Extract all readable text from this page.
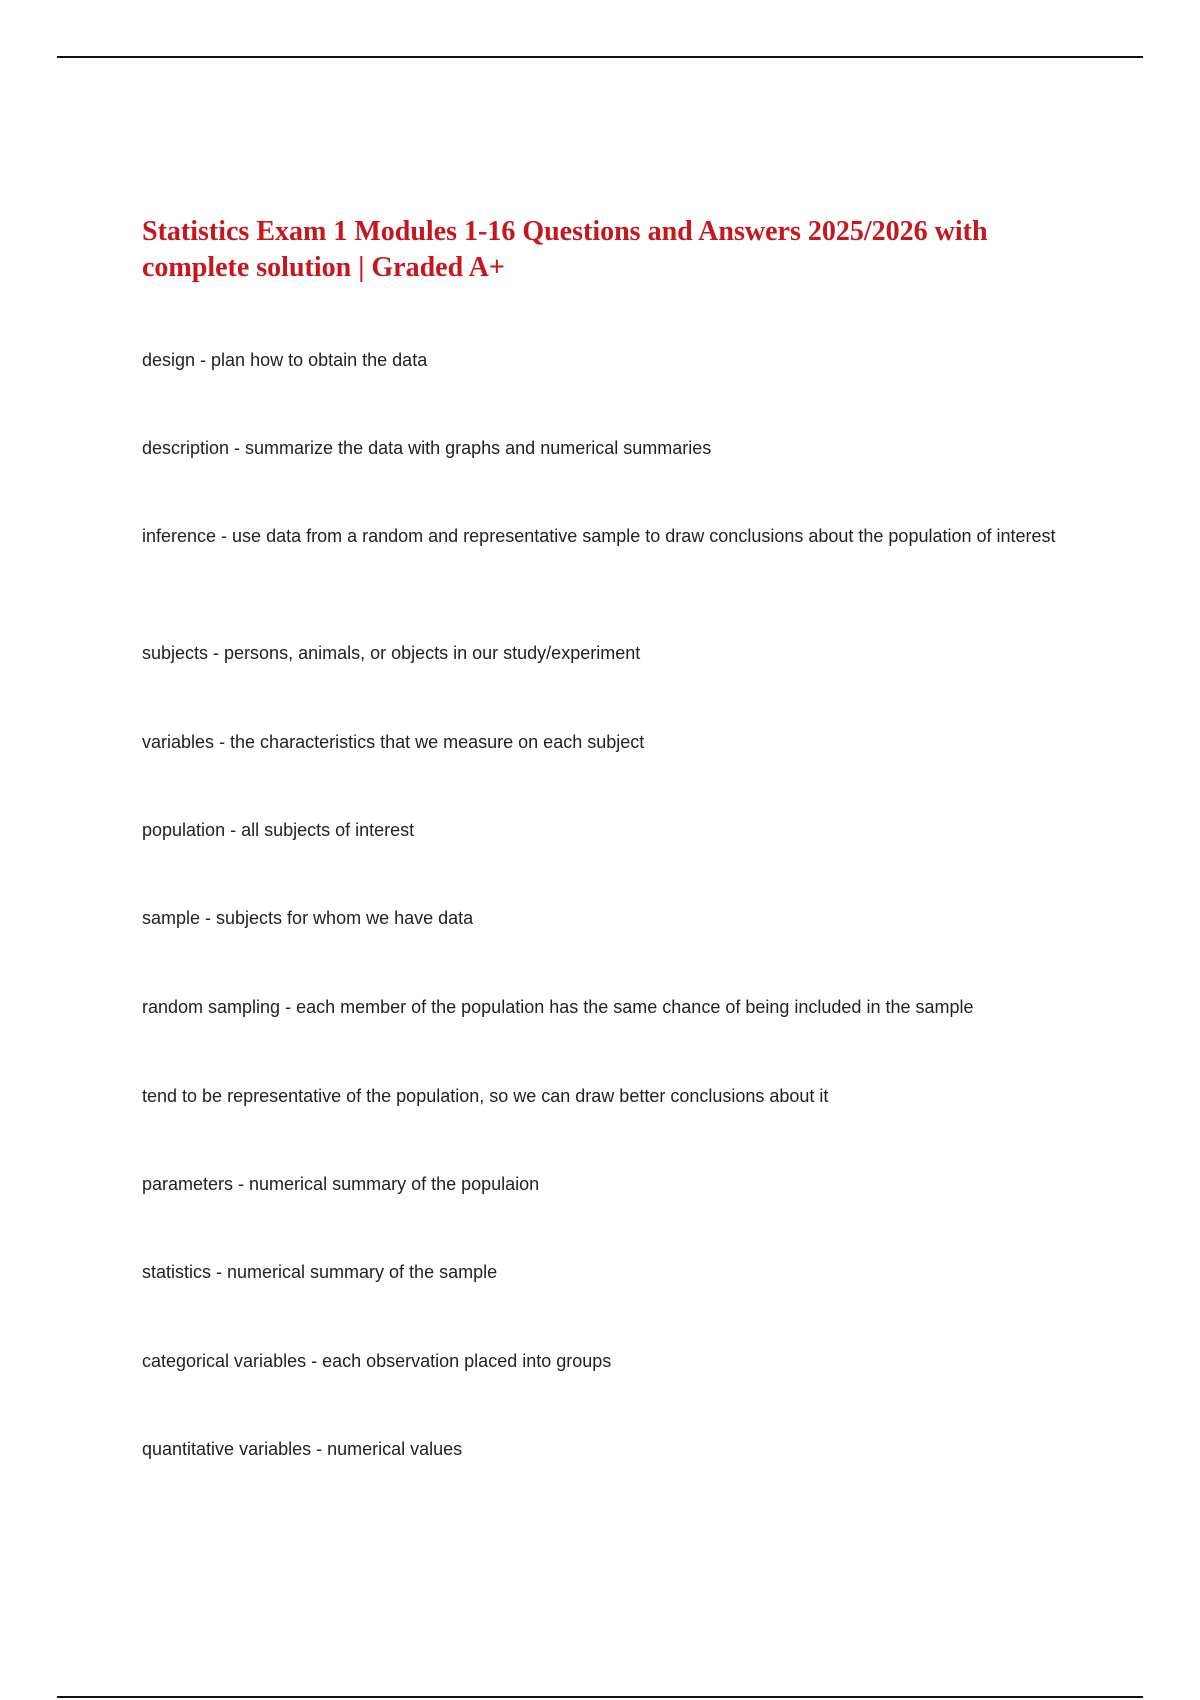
Statistics Exam 1 Modules 1-16 Questions and Answers 2025/2026 with complete solution | Graded A+

design - plan how to obtain the data

description - summarize the data with graphs and numerical summaries

inference - use data from a random and representative sample to draw conclusions about the population of interest

subjects - persons, animals, or objects in our study/experiment

variables - the characteristics that we measure on each subject

population - all subjects of interest

sample - subjects for whom we have data

random sampling - each member of the population has the same chance of being included in the sample

tend to be representative of the population, so we can draw better conclusions about it

parameters - numerical summary of the populaion

statistics - numerical summary of the sample

categorical variables - each observation placed into groups

quantitative variables - numerical values
